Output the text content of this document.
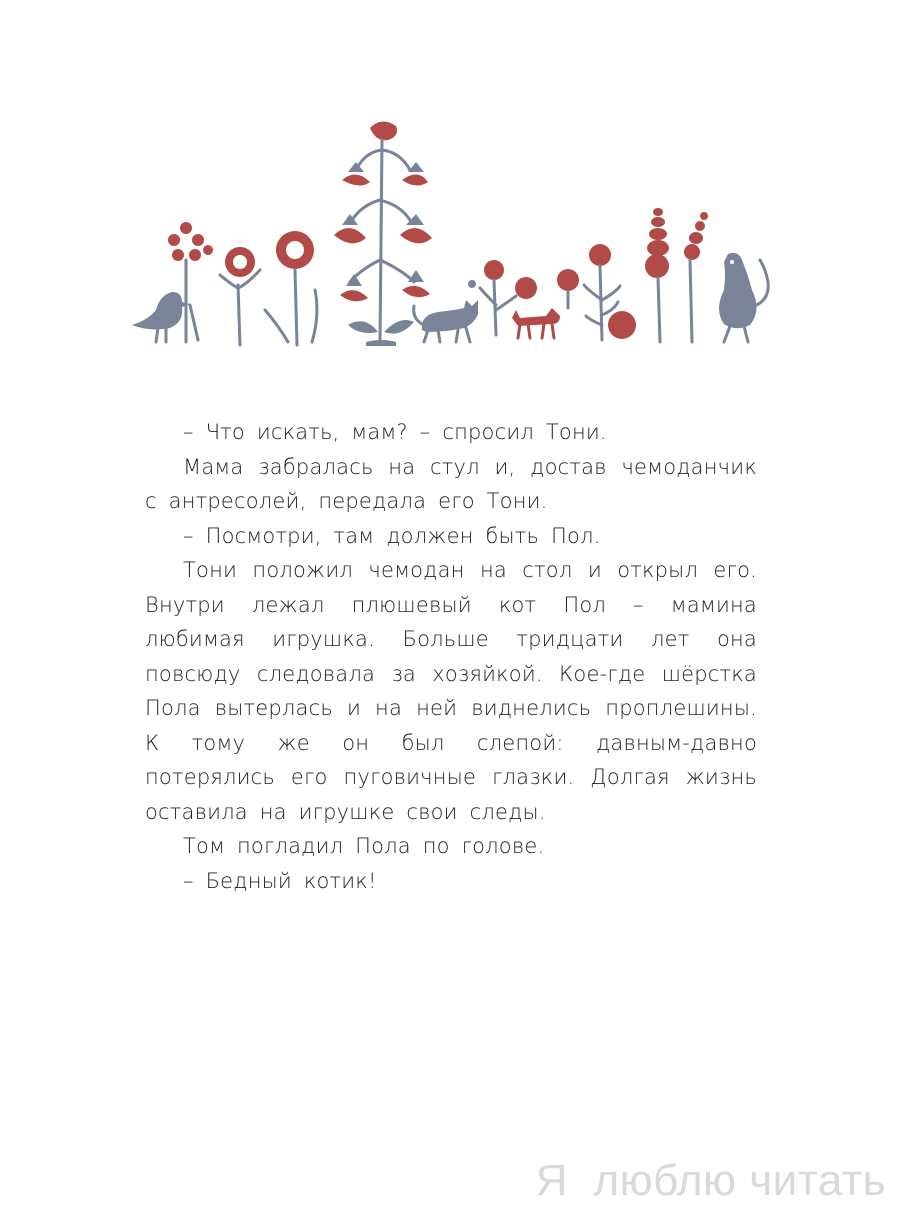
– Что искать, мам? – спросил Тони.

Мама забралась на стул и, достав чемоданчик с антресолей, передала его Тони.

– Посмотри, там должен быть Пол.

Тони положил чемодан на стол и открыл его. Внутри лежал плюшевый кот Пол – мамина любимая игрушка. Больше тридцати лет она повсюду следовала за хозяйкой. Кое-где шёрстка Пола вытерлась и на ней виднелись проплешины. К тому же он был слепой: давным-давно потерялись его пуговичные глазки. Долгая жизнь оставила на игрушке свои следы.

Том погладил Пола по голове.

– Бедный котик!

Я  люблю читать
